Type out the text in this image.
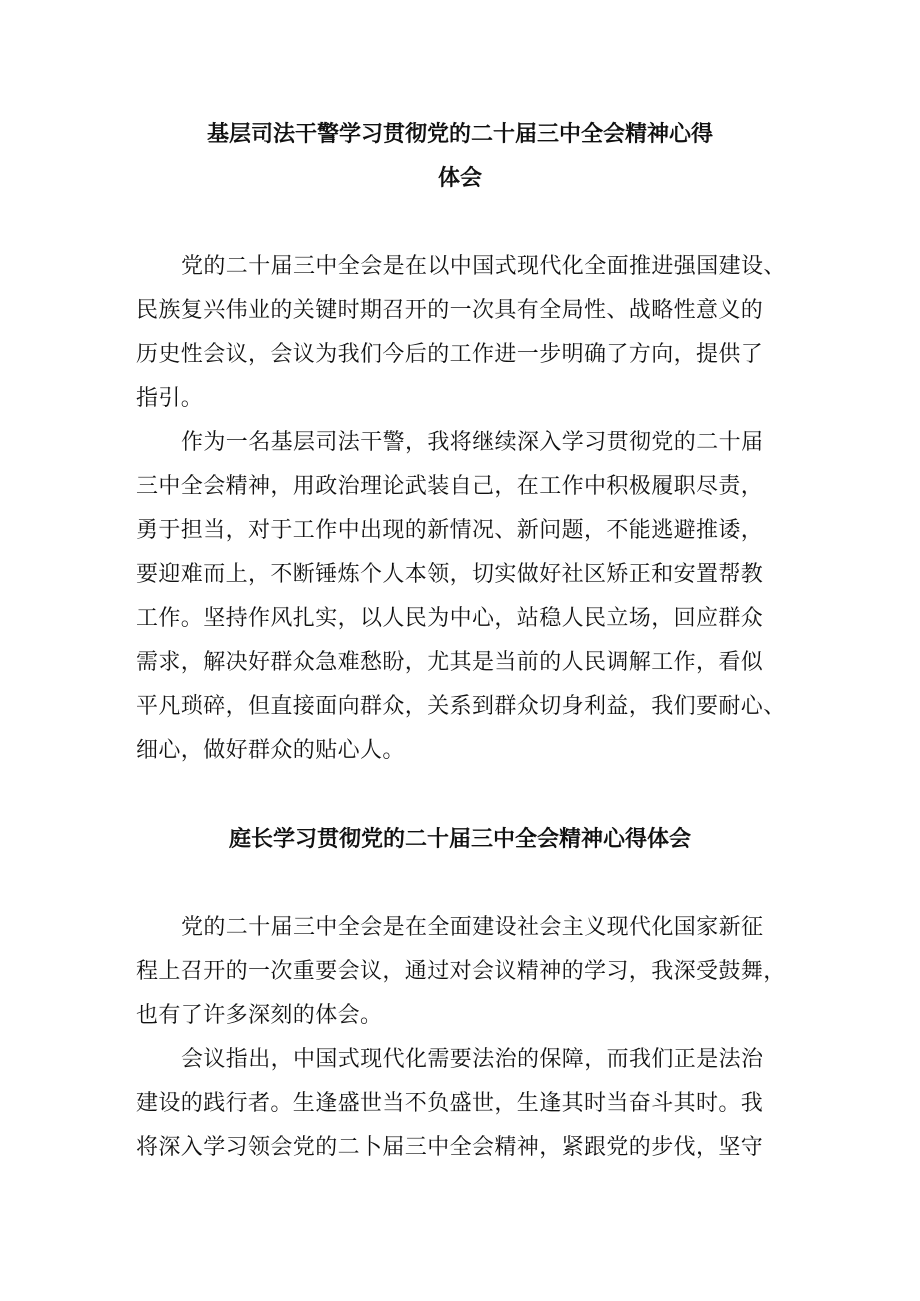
基层司法干警学习贯彻党的二十届三中全会精神心得
体会
党的二十届三中全会是在以中国式现代化全面推进强国建设、
民族复兴伟业的关键时期召开的一次具有全局性、战略性意义的
历史性会议，会议为我们今后的工作进一步明确了方向，提供了
指引。
作为一名基层司法干警，我将继续深入学习贯彻党的二十届
三中全会精神，用政治理论武装自己，在工作中积极履职尽责，
勇于担当，对于工作中出现的新情况、新问题，不能逃避推诿，
要迎难而上，不断锤炼个人本领，切实做好社区矫正和安置帮教
工作。坚持作风扎实，以人民为中心，站稳人民立场，回应群众
需求，解决好群众急难愁盼，尤其是当前的人民调解工作，看似
平凡琐碎，但直接面向群众，关系到群众切身利益，我们要耐心、
细心，做好群众的贴心人。
庭长学习贯彻党的二十届三中全会精神心得体会
党的二十届三中全会是在全面建设社会主义现代化国家新征
程上召开的一次重要会议，通过对会议精神的学习，我深受鼓舞，
也有了许多深刻的体会。
会议指出，中国式现代化需要法治的保障，而我们正是法治
建设的践行者。生逢盛世当不负盛世，生逢其时当奋斗其时。我
将深入学习领会党的二卜届三中全会精神，紧跟党的步伐，坚守
